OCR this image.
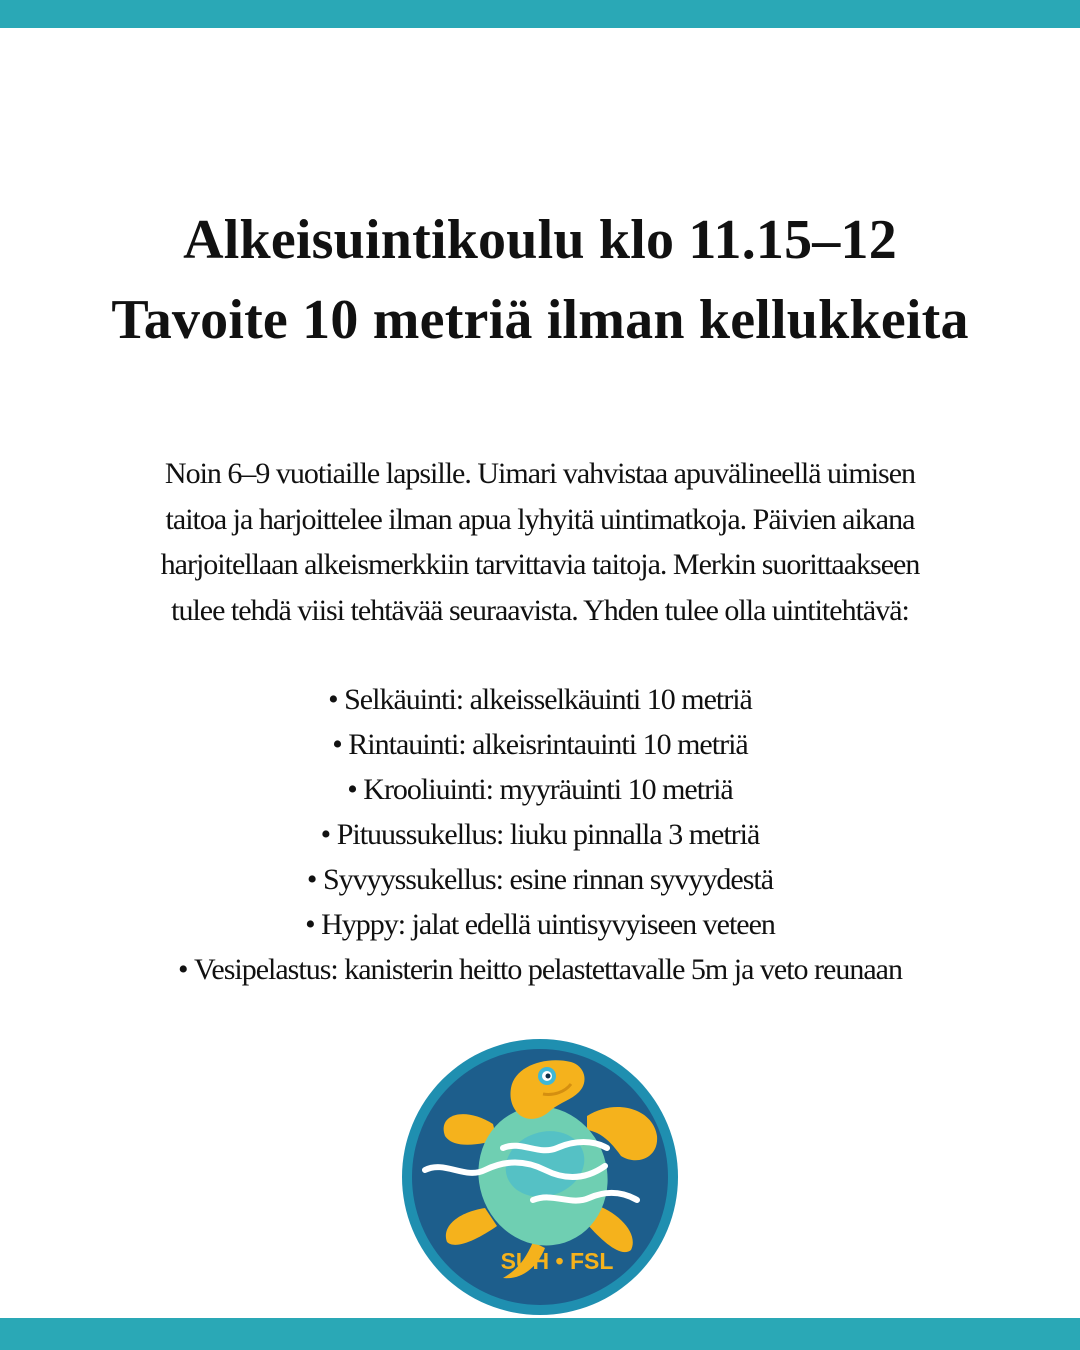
Alkeisuintikoulu klo 11.15–12
Tavoite 10 metriä ilman kellukkeita

Noin 6–9 vuotiaille lapsille. Uimari vahvistaa apuvälineellä uimisen
taitoa ja harjoittelee ilman apua lyhyitä uintimatkoja. Päivien aikana
harjoitellaan alkeismerkkiin tarvittavia taitoja. Merkin suorittaakseen
tulee tehdä viisi tehtävää seuraavista. Yhden tulee olla uintitehtävä:

• Selkäuinti: alkeisselkäuinti 10 metriä
• Rintauinti: alkeisrintauinti 10 metriä
• Krooliuinti: myyräuinti 10 metriä
• Pituussukellus: liuku pinnalla 3 metriä
• Syvyyssukellus: esine rinnan syvyydestä
• Hyppy: jalat edellä uintisyvyiseen veteen
• Vesipelastus: kanisterin heitto pelastettavalle 5m ja veto reunaan
SUH • FSL
